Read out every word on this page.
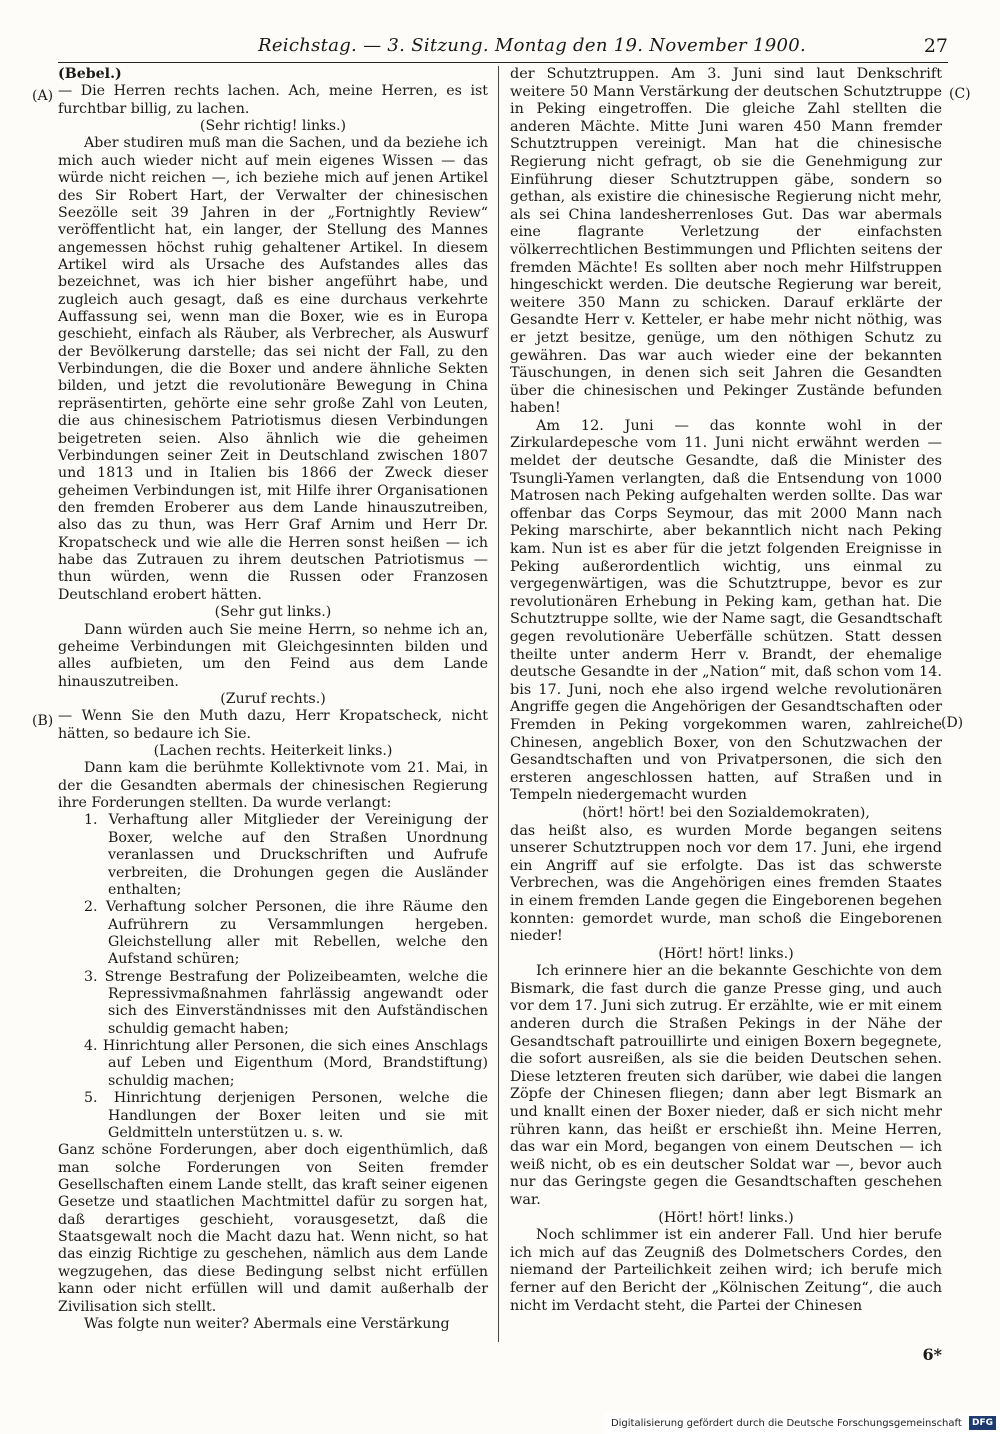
Reichstag. — 3. Sitzung. Montag den 19. November 1900.	27
(A)
(B)
(C)
(D)

(Bebel.)

— Die Herren rechts lachen. Ach, meine Herren, es ist furchtbar billig, zu lachen.

(Sehr richtig! links.)

Aber studiren muß man die Sachen, und da beziehe ich mich auch wieder nicht auf mein eigenes Wissen — das würde nicht reichen —, ich beziehe mich auf jenen Artikel des Sir Robert Hart, der Verwalter der chinesischen Seezölle seit 39 Jahren in der „Fortnightly Review“ veröffentlicht hat, ein langer, der Stellung des Mannes angemessen höchst ruhig gehaltener Artikel. In diesem Artikel wird als Ursache des Aufstandes alles das bezeichnet, was ich hier bisher angeführt habe, und zugleich auch gesagt, daß es eine durchaus verkehrte Auffassung sei, wenn man die Boxer, wie es in Europa geschieht, einfach als Räuber, als Verbrecher, als Auswurf der Bevölkerung darstelle; das sei nicht der Fall, zu den Verbindungen, die die Boxer und andere ähnliche Sekten bilden, und jetzt die revolutionäre Bewegung in China repräsentirten, gehörte eine sehr große Zahl von Leuten, die aus chinesischem Patriotismus diesen Verbindungen beigetreten seien. Also ähnlich wie die geheimen Verbindungen seiner Zeit in Deutschland zwischen 1807 und 1813 und in Italien bis 1866 der Zweck dieser geheimen Verbindungen ist, mit Hilfe ihrer Organisationen den fremden Eroberer aus dem Lande hinauszutreiben, also das zu thun, was Herr Graf Arnim und Herr Dr. Kropatscheck und wie alle die Herren sonst heißen — ich habe das Zutrauen zu ihrem deutschen Patriotismus — thun würden, wenn die Russen oder Franzosen Deutschland erobert hätten.

(Sehr gut links.)

Dann würden auch Sie meine Herrn, so nehme ich an, geheime Verbindungen mit Gleichgesinnten bilden und alles aufbieten, um den Feind aus dem Lande hinauszutreiben.

(Zuruf rechts.)

— Wenn Sie den Muth dazu, Herr Kropatscheck, nicht hätten, so bedaure ich Sie.

(Lachen rechts. Heiterkeit links.)

Dann kam die berühmte Kollektivnote vom 21. Mai, in der die Gesandten abermals der chinesischen Regierung ihre Forderungen stellten. Da wurde verlangt:

1. Verhaftung aller Mitglieder der Vereinigung der Boxer, welche auf den Straßen Unordnung veranlassen und Druckschriften und Aufrufe verbreiten, die Drohungen gegen die Ausländer enthalten;

2. Verhaftung solcher Personen, die ihre Räume den Aufrührern zu Versammlungen hergeben. Gleichstellung aller mit Rebellen, welche den Aufstand schüren;

3. Strenge Bestrafung der Polizeibeamten, welche die Repressivmaßnahmen fahrlässig angewandt oder sich des Einverständnisses mit den Aufständischen schuldig gemacht haben;

4. Hinrichtung aller Personen, die sich eines Anschlags auf Leben und Eigenthum (Mord, Brandstiftung) schuldig machen;

5. Hinrichtung derjenigen Personen, welche die Handlungen der Boxer leiten und sie mit Geldmitteln unterstützen u. s. w.

Ganz schöne Forderungen, aber doch eigenthümlich, daß man solche Forderungen von Seiten fremder Gesellschaften einem Lande stellt, das kraft seiner eigenen Gesetze und staatlichen Machtmittel dafür zu sorgen hat, daß derartiges geschieht, vorausgesetzt, daß die Staatsgewalt noch die Macht dazu hat. Wenn nicht, so hat das einzig Richtige zu geschehen, nämlich aus dem Lande wegzugehen, das diese Bedingung selbst nicht erfüllen kann oder nicht erfüllen will und damit außerhalb der Zivilisation sich stellt.

Was folgte nun weiter? Abermals eine Verstärkung

der Schutztruppen. Am 3. Juni sind laut Denkschrift weitere 50 Mann Verstärkung der deutschen Schutztruppe in Peking eingetroffen. Die gleiche Zahl stellten die anderen Mächte. Mitte Juni waren 450 Mann fremder Schutztruppen vereinigt. Man hat die chinesische Regierung nicht gefragt, ob sie die Genehmigung zur Einführung dieser Schutztruppen gäbe, sondern so gethan, als existire die chinesische Regierung nicht mehr, als sei China landesherrenloses Gut. Das war abermals eine flagrante Verletzung der einfachsten völkerrechtlichen Bestimmungen und Pflichten seitens der fremden Mächte! Es sollten aber noch mehr Hilfstruppen hingeschickt werden. Die deutsche Regierung war bereit, weitere 350 Mann zu schicken. Darauf erklärte der Gesandte Herr v. Ketteler, er habe mehr nicht nöthig, was er jetzt besitze, genüge, um den nöthigen Schutz zu gewähren. Das war auch wieder eine der bekannten Täuschungen, in denen sich seit Jahren die Gesandten über die chinesischen und Pekinger Zustände befunden haben!

Am 12. Juni — das konnte wohl in der Zirkulardepesche vom 11. Juni nicht erwähnt werden — meldet der deutsche Gesandte, daß die Minister des Tsungli-Yamen verlangten, daß die Entsendung von 1000 Matrosen nach Peking aufgehalten werden sollte. Das war offenbar das Corps Seymour, das mit 2000 Mann nach Peking marschirte, aber bekanntlich nicht nach Peking kam. Nun ist es aber für die jetzt folgenden Ereignisse in Peking außerordentlich wichtig, uns einmal zu vergegenwärtigen, was die Schutztruppe, bevor es zur revolutionären Erhebung in Peking kam, gethan hat. Die Schutztruppe sollte, wie der Name sagt, die Gesandtschaft gegen revolutionäre Ueberfälle schützen. Statt dessen theilte unter anderm Herr v. Brandt, der ehemalige deutsche Gesandte in der „Nation“ mit, daß schon vom 14. bis 17. Juni, noch ehe also irgend welche revolutionären Angriffe gegen die Angehörigen der Gesandtschaften oder Fremden in Peking vorgekommen waren, zahlreiche Chinesen, angeblich Boxer, von den Schutzwachen der Gesandtschaften und von Privatpersonen, die sich den ersteren angeschlossen hatten, auf Straßen und in Tempeln niedergemacht wurden

(hört! hört! bei den Sozialdemokraten),

das heißt also, es wurden Morde begangen seitens unserer Schutztruppen noch vor dem 17. Juni, ehe irgend ein Angriff auf sie erfolgte. Das ist das schwerste Verbrechen, was die Angehörigen eines fremden Staates in einem fremden Lande gegen die Eingeborenen begehen konnten: gemordet wurde, man schoß die Eingeborenen nieder!

(Hört! hört! links.)

Ich erinnere hier an die bekannte Geschichte von dem Bismark, die fast durch die ganze Presse ging, und auch vor dem 17. Juni sich zutrug. Er erzählte, wie er mit einem anderen durch die Straßen Pekings in der Nähe der Gesandtschaft patrouillirte und einigen Boxern begegnete, die sofort ausreißen, als sie die beiden Deutschen sehen. Diese letzteren freuten sich darüber, wie dabei die langen Zöpfe der Chinesen fliegen; dann aber legt Bismark an und knallt einen der Boxer nieder, daß er sich nicht mehr rühren kann, das heißt er erschießt ihn. Meine Herren, das war ein Mord, begangen von einem Deutschen — ich weiß nicht, ob es ein deutscher Soldat war —, bevor auch nur das Geringste gegen die Gesandtschaften geschehen war.

(Hört! hört! links.)

Noch schlimmer ist ein anderer Fall. Und hier berufe ich mich auf das Zeugniß des Dolmetschers Cordes, den niemand der Parteilichkeit zeihen wird; ich berufe mich ferner auf den Bericht der „Kölnischen Zeitung“, die auch nicht im Verdacht steht, die Partei der Chinesen

6*
Digitalisierung gefördert durch die Deutsche Forschungsgemeinschaft DFG
